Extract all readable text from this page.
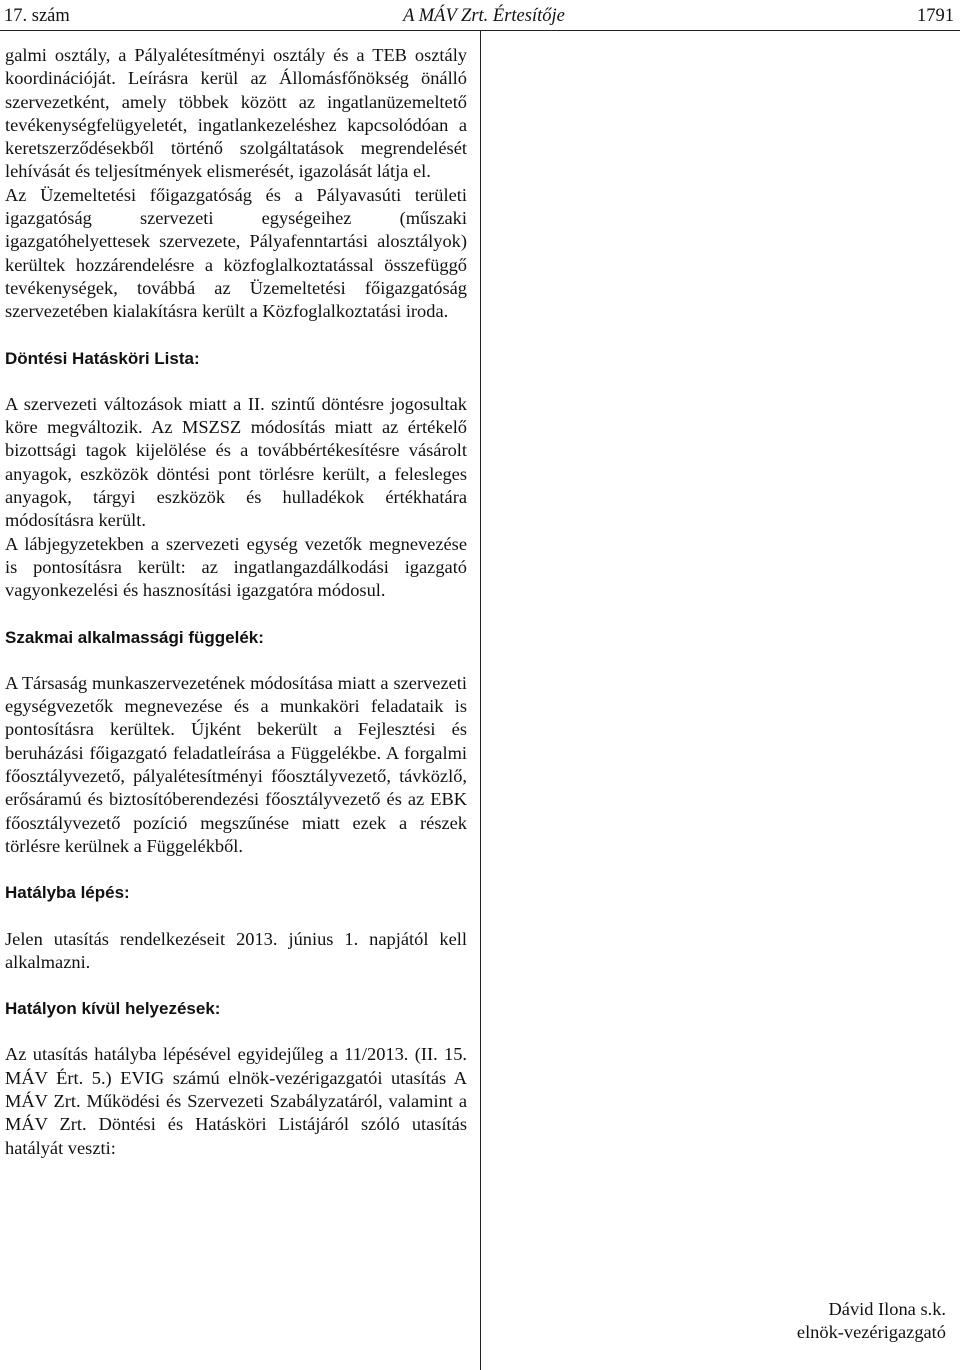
17. szám	A MÁV Zrt. Értesítője	1791

galmi osztály, a Pályalétesítményi osztály és a TEB osztály koordinációját. Leírásra kerül az Állomásfőnökség önálló szervezetként, amely többek között az ingatlanüzemeltető tevékenységfelügyeletét, ingatlankezeléshez kapcsolódóan a keretszerződésekből történő szolgáltatások megrendelését lehívását és teljesítmények elismerését, igazolását látja el.

Az Üzemeltetési főigazgatóság és a Pályavasúti területi igazgatóság szervezeti egységeihez (műszaki igazgatóhelyettesek szervezete, Pályafenntartási alosztályok) kerültek hozzárendelésre a közfoglalkoztatással összefüggő tevékenységek, továbbá az Üzemeltetési főigazgatóság szervezetében kialakításra került a Közfoglalkoztatási iroda.

Döntési Hatásköri Lista:

A szervezeti változások miatt a II. szintű döntésre jogosultak köre megváltozik. Az MSZSZ módosítás miatt az értékelő bizottsági tagok kijelölése és a továbbértékesítésre vásárolt anyagok, eszközök döntési pont törlésre került, a felesleges anyagok, tárgyi eszközök és hulladékok értékhatára módosításra került.

A lábjegyzetekben a szervezeti egység vezetők megnevezése is pontosításra került: az ingatlangazdálkodási igazgató vagyonkezelési és hasznosítási igazgatóra módosul.

Szakmai alkalmassági függelék:

A Társaság munkaszervezetének módosítása miatt a szervezeti egységvezetők megnevezése és a munkaköri feladataik is pontosításra kerültek. Újként bekerült a Fejlesztési és beruházási főigazgató feladatleírása a Függelékbe. A forgalmi főosztályvezető, pályalétesítményi főosztályvezető, távközlő, erősáramú és biztosítóberendezési főosztályvezető és az EBK főosztályvezető pozíció megszűnése miatt ezek a részek törlésre kerülnek a Függelékből.

Hatályba lépés:

Jelen utasítás rendelkezéseit 2013. június 1. napjától kell alkalmazni.

Hatályon kívül helyezések:

Az utasítás hatályba lépésével egyidejűleg a 11/2013. (II. 15. MÁV Ért. 5.) EVIG számú elnök-vezérigazgatói utasítás A MÁV Zrt. Működési és Szervezeti Szabályzatáról, valamint a MÁV Zrt. Döntési és Hatásköri Listájáról szóló utasítás hatályát veszti:

Dávid Ilona s.k.
elnök-vezérigazgató
